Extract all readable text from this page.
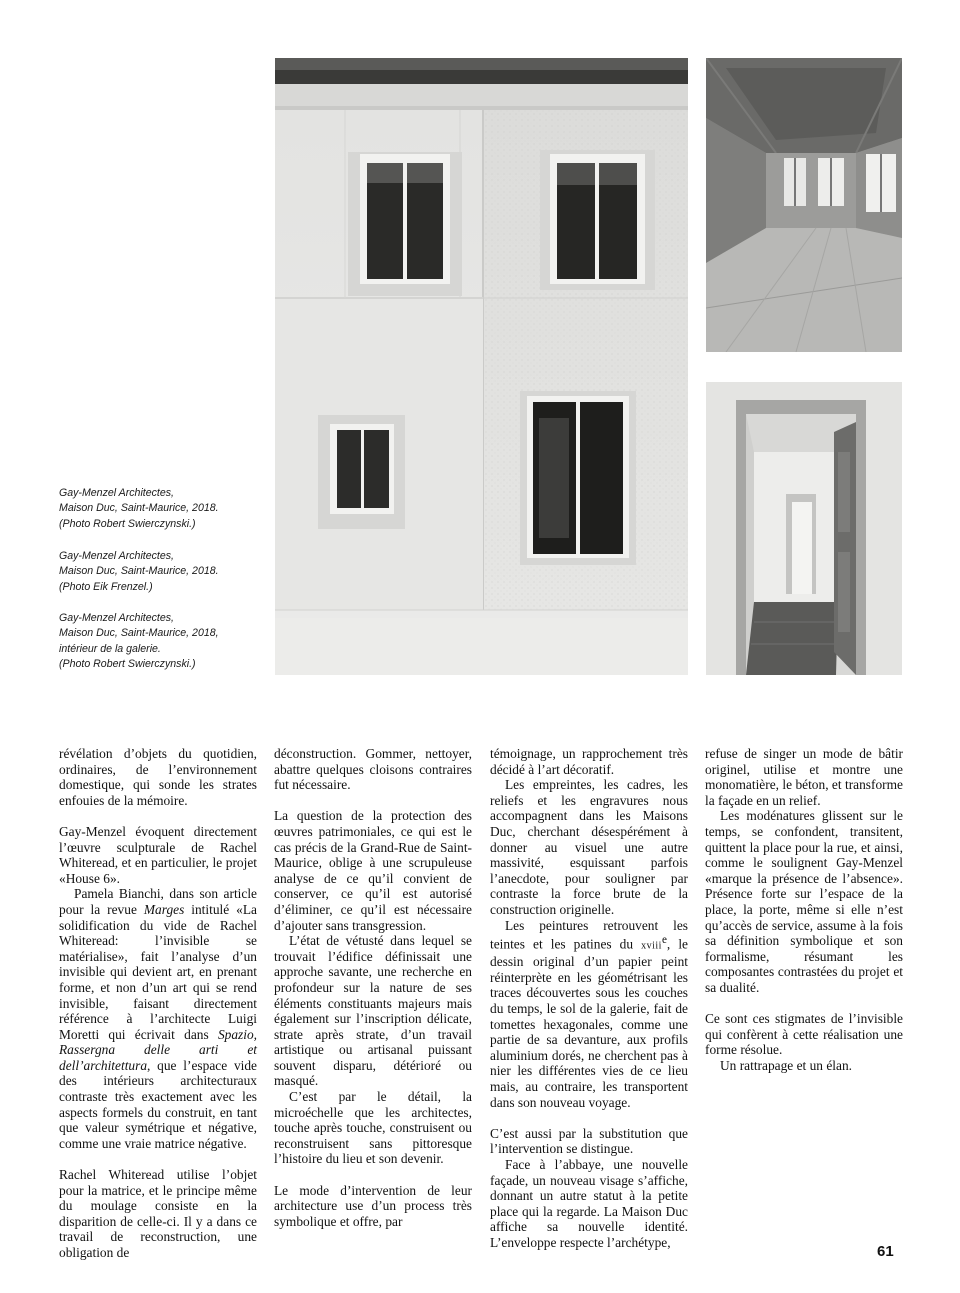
Gay-Menzel Architectes,
Maison Duc, Saint-Maurice, 2018.
(Photo Robert Swierczynski.)
Gay-Menzel Architectes,
Maison Duc, Saint-Maurice, 2018.
(Photo Eik Frenzel.)
Gay-Menzel Architectes,
Maison Duc, Saint-Maurice, 2018,
intérieur de la galerie.
(Photo Robert Swierczynski.)

révélation d’objets du quotidien, ordinaires, de l’environnement domestique, qui sonde les strates enfouies de la mémoire.

Gay-Menzel évoquent directement l’œuvre sculpturale de Rachel Whiteread, et en particulier, le projet «House 6».

Pamela Bianchi, dans son article pour la revue Marges intitulé «La solidification du vide de Rachel Whiteread: l’invisible se matérialise», fait l’analyse d’un invisible qui devient art, en prenant forme, et non d’un art qui se rend invisible, faisant directement référence à l’architecte Luigi Moretti qui écrivait dans Spazio, Rassergna delle arti et dell’architettura, que l’espace vide des intérieurs architecturaux contraste très exactement avec les aspects formels du construit, en tant que valeur symétrique et négative, comme une vraie matrice négative.

Rachel Whiteread utilise l’objet pour la matrice, et le principe même du moulage consiste en la disparition de celle-ci. Il y a dans ce travail de reconstruction, une obligation de

déconstruction. Gommer, nettoyer, abattre quelques cloisons contraires fut nécessaire.

La question de la protection des œuvres patrimoniales, ce qui est le cas précis de la Grand-Rue de Saint-Maurice, oblige à une scrupuleuse analyse de ce qu’il convient de conserver, ce qu’il est autorisé d’éliminer, ce qu’il est nécessaire d’ajouter sans transgression.

L’état de vétusté dans lequel se trouvait l’édifice définissait une approche savante, une recherche en profondeur sur la nature de ses éléments constituants majeurs mais également sur l’inscription délicate, strate après strate, d’un travail artistique ou artisanal puissant souvent disparu, détérioré ou masqué.

C’est par le détail, la microéchelle que les architectes, touche après touche, construisent ou reconstruisent sans pittoresque l’histoire du lieu et son devenir.

Le mode d’intervention de leur architecture use d’un process très symbolique et offre, par

témoignage, un rapprochement très décidé à l’art décoratif.

Les empreintes, les cadres, les reliefs et les engravures nous accompagnent dans les Maisons Duc, cherchant désespérément à donner au visuel une autre massivité, esquissant parfois l’anecdote, pour souligner par contraste la force brute de la construction originelle.

Les peintures retrouvent les teintes et les patines du xviii$^e$, le dessin original d’un papier peint réinterprète en les géométrisant les traces découvertes sous les couches du temps, le sol de la galerie, fait de tomettes hexagonales, comme une partie de sa devanture, aux profils aluminium dorés, ne cherchent pas à nier les différentes vies de ce lieu mais, au contraire, les transportent dans son nouveau voyage.

C’est aussi par la substitution que l’intervention se distingue.

Face à l’abbaye, une nouvelle façade, un nouveau visage s’affiche, donnant un autre statut à la petite place qui la regarde. La Maison Duc affiche sa nouvelle identité. L’enveloppe respecte l’archétype,

refuse de singer un mode de bâtir originel, utilise et montre une monomatière, le béton, et transforme la façade en un relief.

Les modénatures glissent sur le temps, se confondent, transitent, quittent la place pour la rue, et ainsi, comme le soulignent Gay-Menzel «marque la présence de l’absence». Présence forte sur l’espace de la place, la porte, même si elle n’est qu’accès de service, assume à la fois sa définition symbolique et son formalisme, résumant les composantes contrastées du projet et sa dualité.

Ce sont ces stigmates de l’invisible qui confèrent à cette réalisation une forme résolue.

Un rattrapage et un élan.

61
